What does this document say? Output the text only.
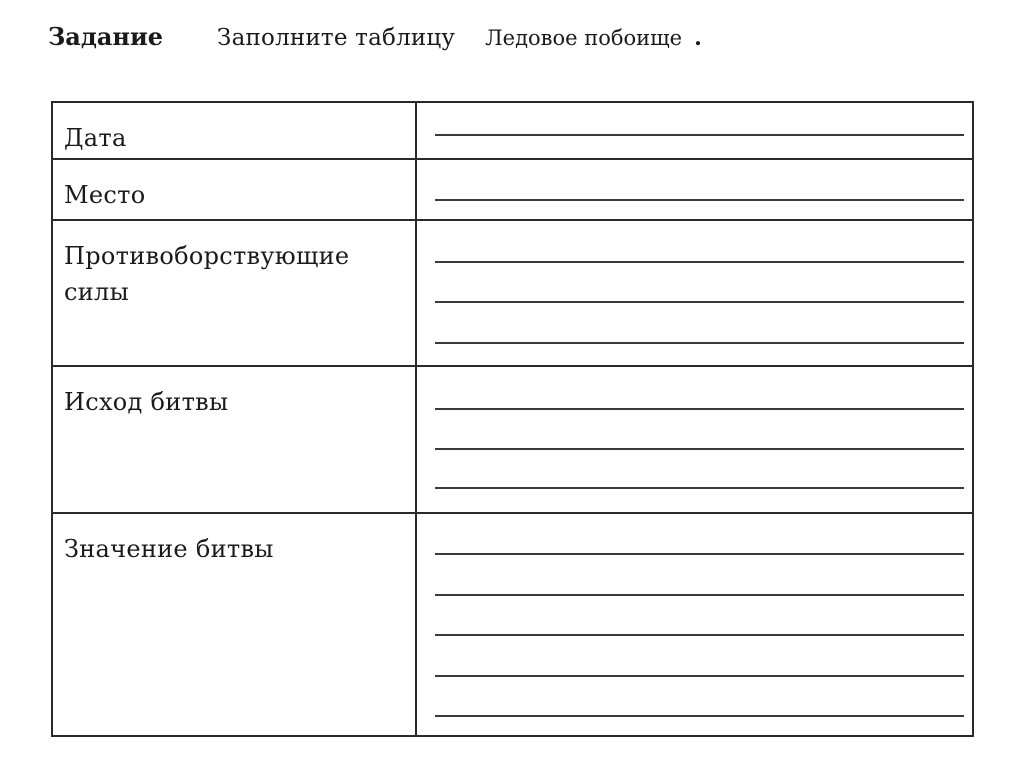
Задание Заполните таблицу Ледовое побоище .
Дата
Место
Противоборствующие силы
Исход битвы
Значение битвы
